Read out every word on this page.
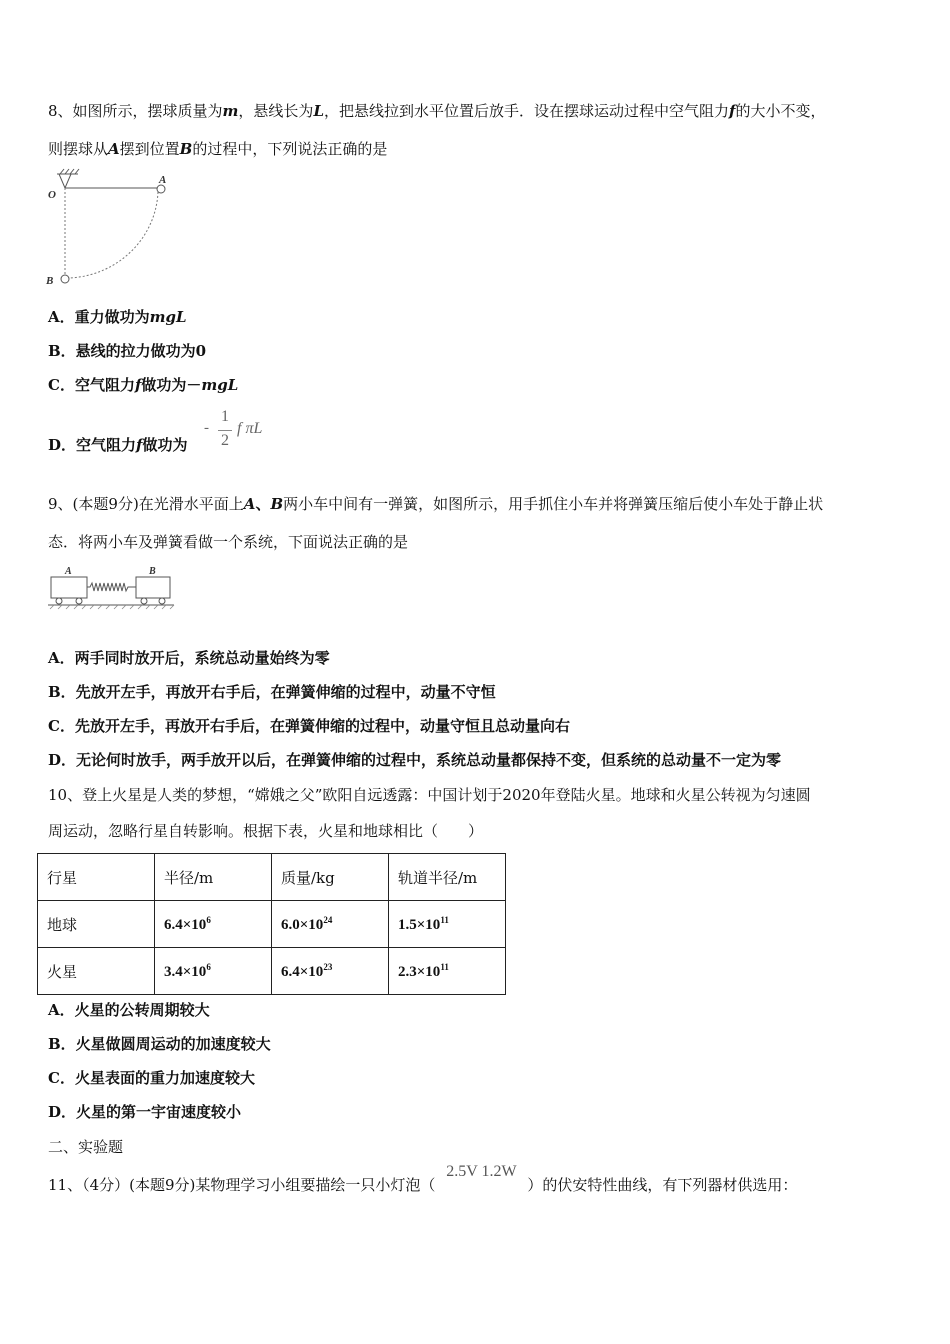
8、如图所示，摆球质量为m，悬线长为L，把悬线拉到水平位置后放手．设在摆球运动过程中空气阻力f的大小不变，
则摆球从A摆到位置B的过程中，下列说法正确的是
O
A
B
A．重力做功为mgL
B．悬线的拉力做功为0
C．空气阻力f做功为－mgL
D．空气阻力f做功为
-
1
2
f πL
9、(本题9分)在光滑水平面上A、B两小车中间有一弹簧，如图所示，用手抓住小车并将弹簧压缩后使小车处于静止状
态．将两小车及弹簧看做一个系统，下面说法正确的是
A	B
A．两手同时放开后，系统总动量始终为零
B．先放开左手，再放开右手后，在弹簧伸缩的过程中，动量不守恒
C．先放开左手，再放开右手后，在弹簧伸缩的过程中，动量守恒且总动量向右
D．无论何时放手，两手放开以后，在弹簧伸缩的过程中，系统总动量都保持不变，但系统的总动量不一定为零
10、登上火星是人类的梦想，“嫦娥之父”欧阳自远透露：中国计划于2020年登陆火星。地球和火星公转视为匀速圆
周运动，忽略行星自转影响。根据下表，火星和地球相比（　　）
行星	半径/m	质量/kg	轨道半径/m
地球	$6.4\times 10^6$	$6.0\times 10^{24}$	$1.5\times 10^{11}$
火星	$3.4\times 10^6$	$6.4\times 10^{23}$	$2.3\times 10^{11}$
A．火星的公转周期较大
B．火星做圆周运动的加速度较大
C．火星表面的重力加速度较大
D．火星的第一宇宙速度较小
二、实验题
11、（4分）(本题9分)某物理学习小组要描绘一只小灯泡（2.5V 1.2W）的伏安特性曲线，有下列器材供选用：
